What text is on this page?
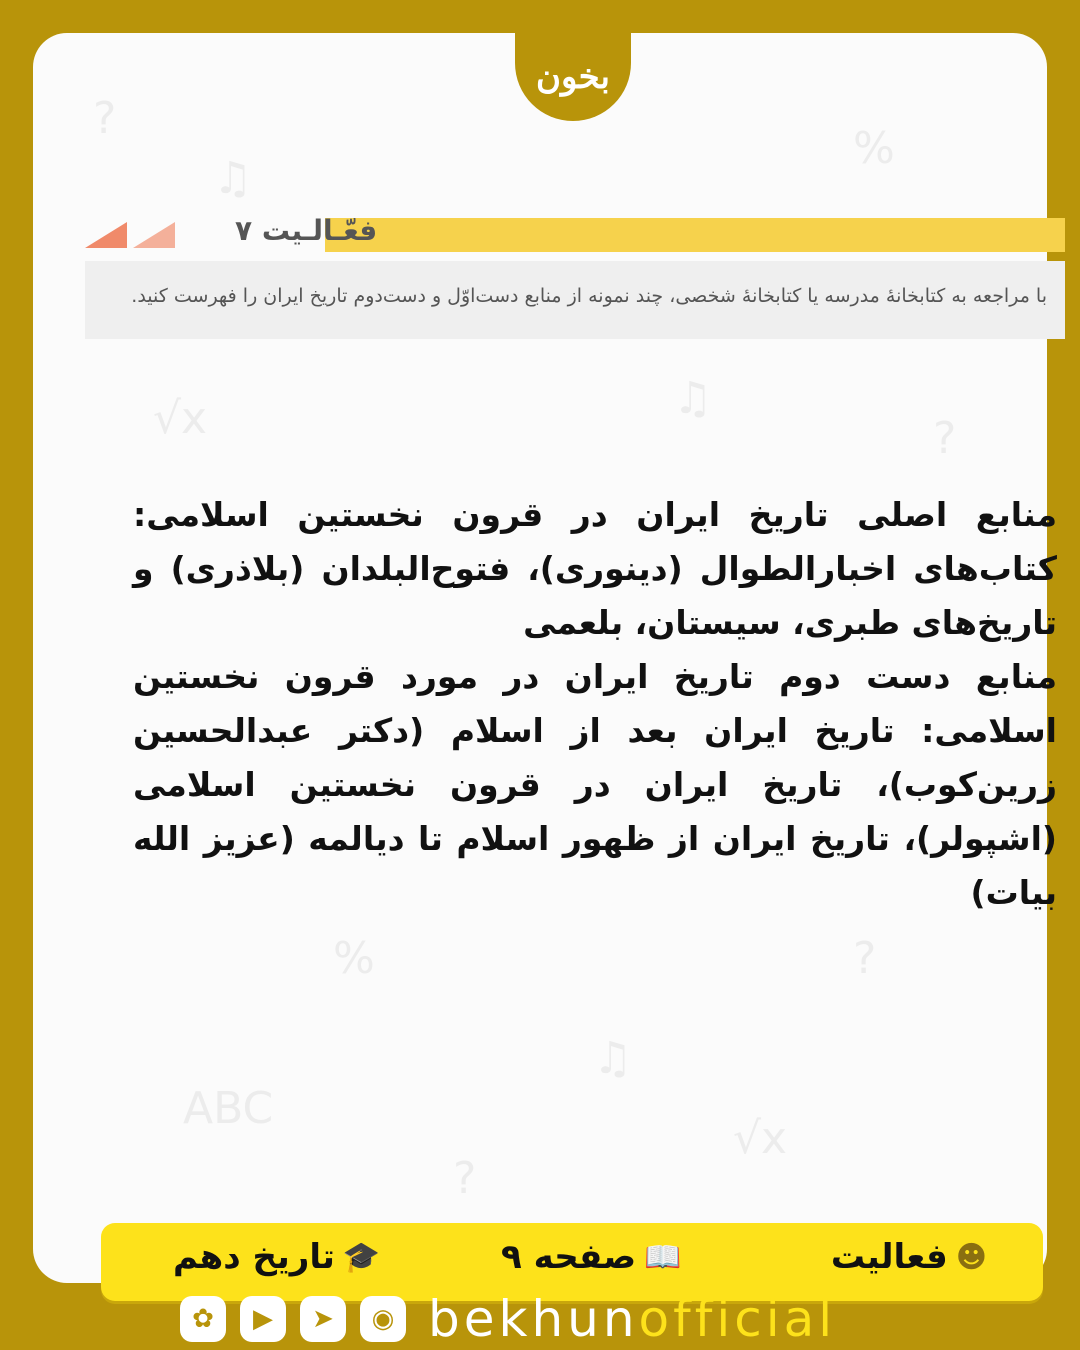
?
♫
%
?
√x	♫
%	?
ABC
♫
√x
?
بخون
فعّـالـیت ۷
با مراجعه به کتابخانهٔ مدرسه یا کتابخانهٔ شخصی، چند نمونه از منابع دست‌اوّل و دست‌دوم تاریخ ایران را فهرست کنید.

منابع اصلی تاریخ ایران در قرون نخستین اسلامی: کتاب‌های اخبارالطوال (دینوری)، فتوح‌البلدان (بلاذری) و تاریخ‌های طبری، سیستان، بلعمی

منابع دست دوم تاریخ ایران در مورد قرون نخستین اسلامی: تاریخ ایران بعد از اسلام (دکتر عبدالحسین زرین‌کوب)، تاریخ ایران در قرون نخستین اسلامی (اشپولر)، تاریخ ایران از ظهور اسلام تا دیالمه (عزیز الله بیات)

☻
فعالیت
📖
صفحه ۹
🎓
تاریخ دهم
✿	▶	➤	◉ bekhunofficial
